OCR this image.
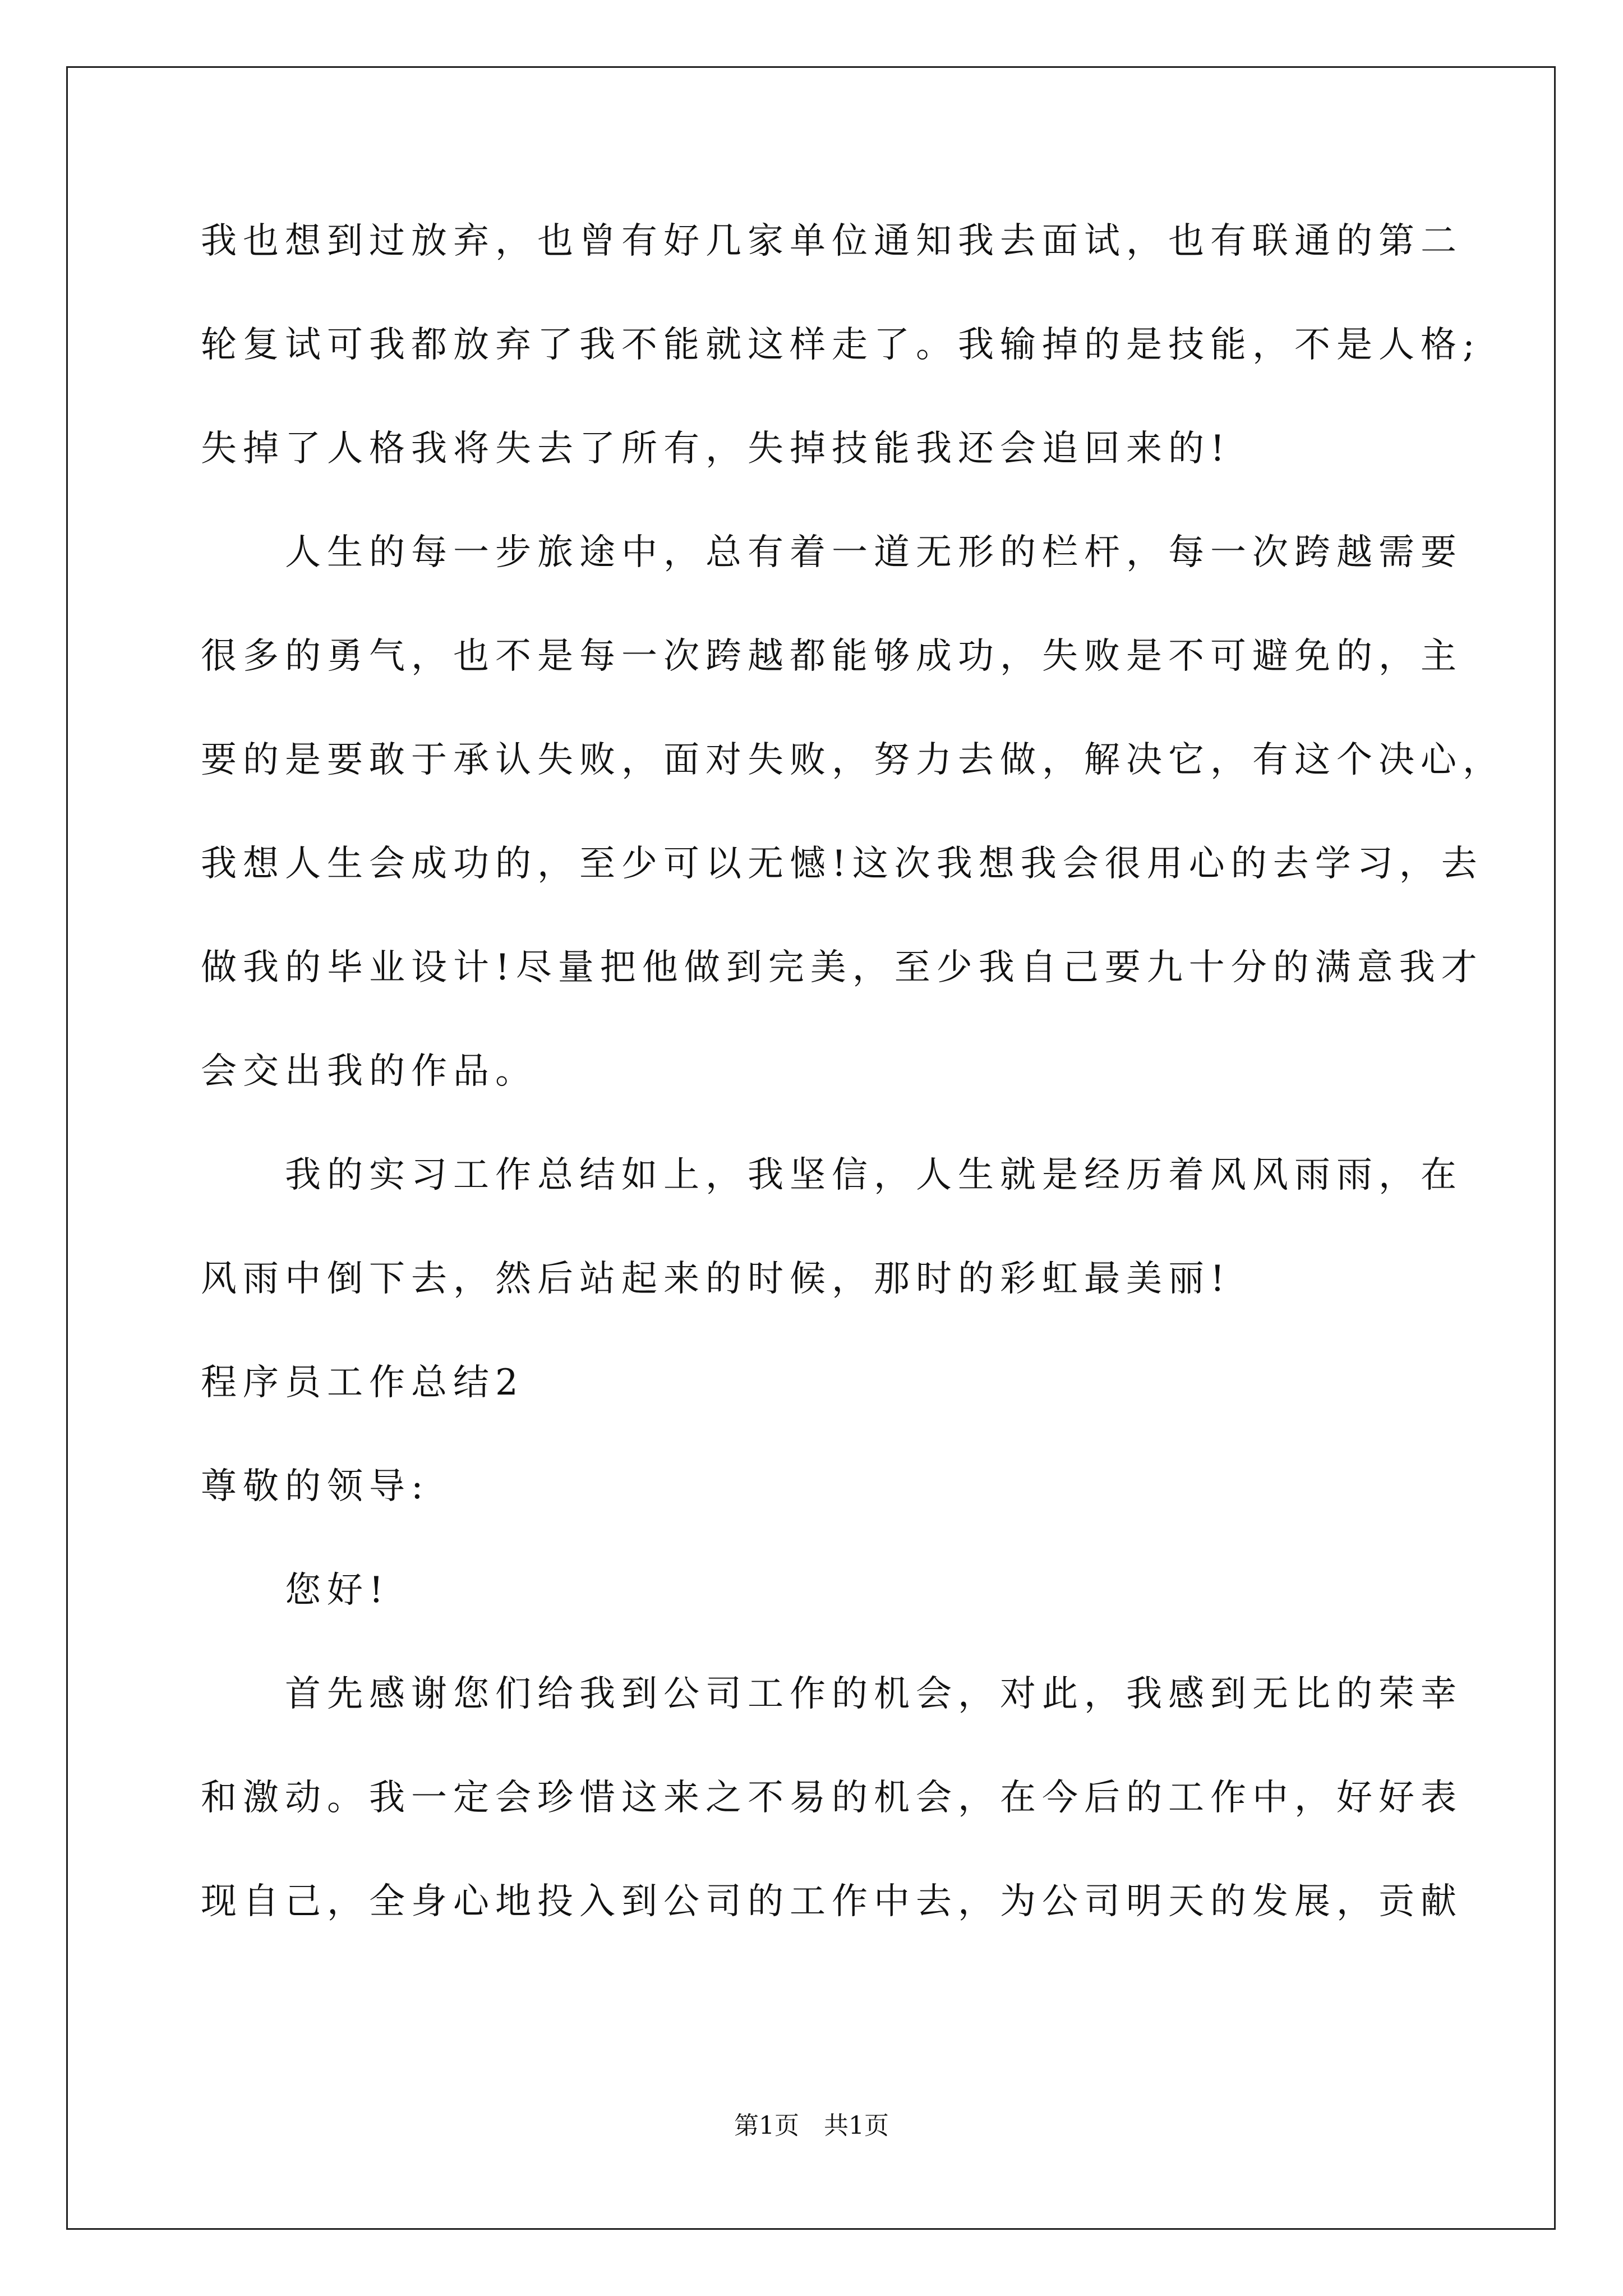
我也想到过放弃，也曾有好几家单位通知我去面试，也有联通的第二

轮复试可我都放弃了我不能就这样走了。我输掉的是技能，不是人格;

失掉了人格我将失去了所有，失掉技能我还会追回来的!

　　人生的每一步旅途中，总有着一道无形的栏杆，每一次跨越需要

很多的勇气，也不是每一次跨越都能够成功，失败是不可避免的，主

要的是要敢于承认失败，面对失败，努力去做，解决它，有这个决心，

我想人生会成功的，至少可以无憾!这次我想我会很用心的去学习，去

做我的毕业设计!尽量把他做到完美，至少我自己要九十分的满意我才

会交出我的作品。

　　我的实习工作总结如上，我坚信，人生就是经历着风风雨雨，在

风雨中倒下去，然后站起来的时候，那时的彩虹最美丽!

程序员工作总结2

尊敬的领导:

　　您好!

　　首先感谢您们给我到公司工作的机会，对此，我感到无比的荣幸

和激动。我一定会珍惜这来之不易的机会，在今后的工作中，好好表

现自己，全身心地投入到公司的工作中去，为公司明天的发展，贡献

第1页　共1页
